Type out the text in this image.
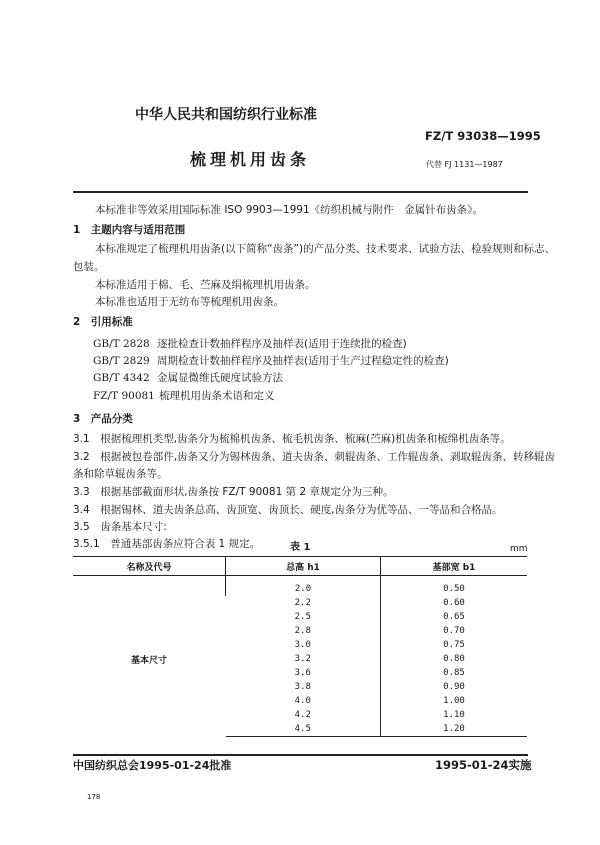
中华人民共和国纺织行业标准
FZ/T 93038—1995
梳理机用齿条	代替 FJ 1131—1987
本标准非等效采用国际标准 ISO 9903—1991《纺织机械与附件　金属针布齿条》。
1　主题内容与适用范围
本标准规定了梳理机用齿条(以下简称“齿条”)的产品分类、技术要求、试验方法、检验规则和标志、
包装。
本标准适用于棉、毛、苎麻及绢梳理机用齿条。
本标准也适用于无纺布等梳理机用齿条。
2　引用标准
GB/T 2828 逐批检查计数抽样程序及抽样表(适用于连续批的检查)
GB/T 2829 周期检查计数抽样程序及抽样表(适用于生产过程稳定性的检查)
GB/T 4342 金属显微维氏硬度试验方法
FZ/T 90081 梳理机用齿条术语和定义
3　产品分类
3.1　根据梳理机类型,齿条分为梳棉机齿条、梳毛机齿条、梳麻(苎麻)机齿条和梳绵机齿条等。
3.2　根据被包卷部件,齿条又分为锡林齿条、道夫齿条、刺辊齿条、工作辊齿条、剥取辊齿条、转移辊齿
条和除草辊齿条等。
3.3　根据基部截面形状,齿条按 FZ/T 90081 第 2 章规定分为三种。
3.4　根据锡林、道夫齿条总高、齿顶宽、齿顶长、硬度,齿条分为优等品、一等品和合格品。
3.5　齿条基本尺寸:
3.5.1　普通基部齿条应符合表 1 规定。	表 1	mm
名称及代号	总高 h1	基部宽 b1
基本尺寸	2.0	0.50
	2.2	0.60
	2.5	0.65
	2.8	0.70
	3.0	0.75
	3.2	0.80
	3.6	0.85
	3.8	0.90
	4.0	1.00
	4.2	1.10
	4.5	1.20
中国纺织总会1995-01-24批准	1995-01-24实施
178
